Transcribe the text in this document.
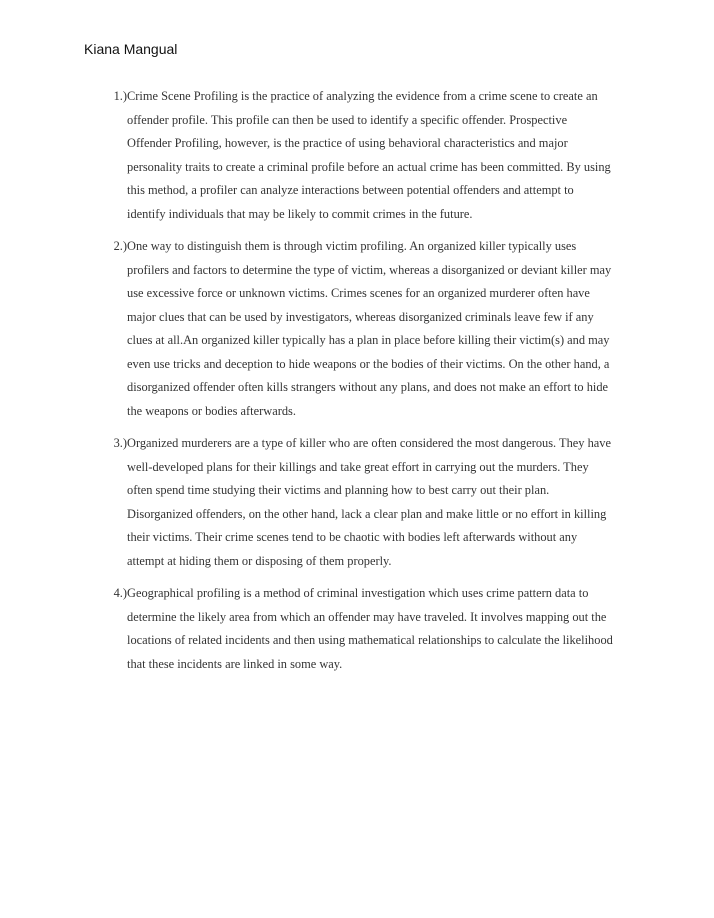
Kiana Mangual

1.) Crime Scene Profiling is the practice of analyzing the evidence from a crime scene to create an
offender profile. This profile can then be used to identify a specific offender. Prospective
Offender Profiling, however, is the practice of using behavioral characteristics and major
personality traits to create a criminal profile before an actual crime has been committed. By using
this method, a profiler can analyze interactions between potential offenders and attempt to
identify individuals that may be likely to commit crimes in the future.
2.) One way to distinguish them is through victim profiling. An organized killer typically uses
profilers and factors to determine the type of victim, whereas a disorganized or deviant killer may
use excessive force or unknown victims. Crimes scenes for an organized murderer often have
major clues that can be used by investigators, whereas disorganized criminals leave few if any
clues at all.An organized killer typically has a plan in place before killing their victim(s) and may
even use tricks and deception to hide weapons or the bodies of their victims. On the other hand, a
disorganized offender often kills strangers without any plans, and does not make an effort to hide
the weapons or bodies afterwards.
3.) Organized murderers are a type of killer who are often considered the most dangerous. They have
well-developed plans for their killings and take great effort in carrying out the murders. They
often spend time studying their victims and planning how to best carry out their plan.
Disorganized offenders, on the other hand, lack a clear plan and make little or no effort in killing
their victims. Their crime scenes tend to be chaotic with bodies left afterwards without any
attempt at hiding them or disposing of them properly.
4.) Geographical profiling is a method of criminal investigation which uses crime pattern data to
determine the likely area from which an offender may have traveled. It involves mapping out the
locations of related incidents and then using mathematical relationships to calculate the likelihood
that these incidents are linked in some way.
